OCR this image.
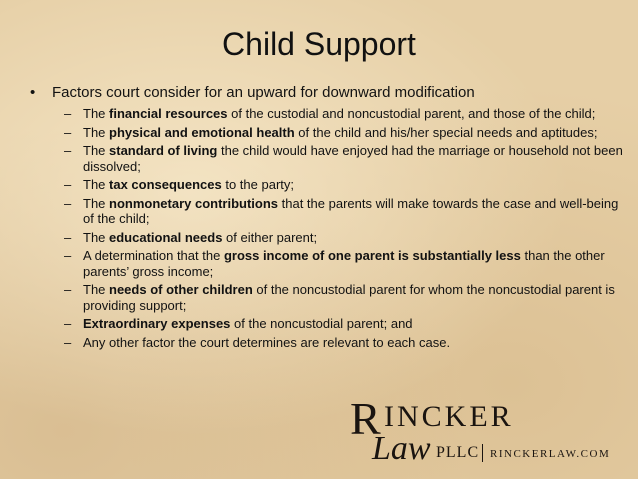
Child Support
• Factors court consider for an upward for downward modification
– The financial resources of the custodial and noncustodial parent, and those of the child;
– The physical and emotional health of the child and his/her special needs and aptitudes;
– The standard of living the child would have enjoyed had the marriage or household not been dissolved;
– The tax consequences to the party;
– The nonmonetary contributions that the parents will make towards the case and well-being of the child;
– The educational needs of either parent;
– A determination that the gross income of one parent is substantially less than the other parents’ gross income;
– The needs of other children of the noncustodial parent for whom the noncustodial parent is providing support;
– Extraordinary expenses of the noncustodial parent; and
– Any other factor the court determines are relevant to each case.
R INCKER
Law PLLC RINCKERLAW.COM
